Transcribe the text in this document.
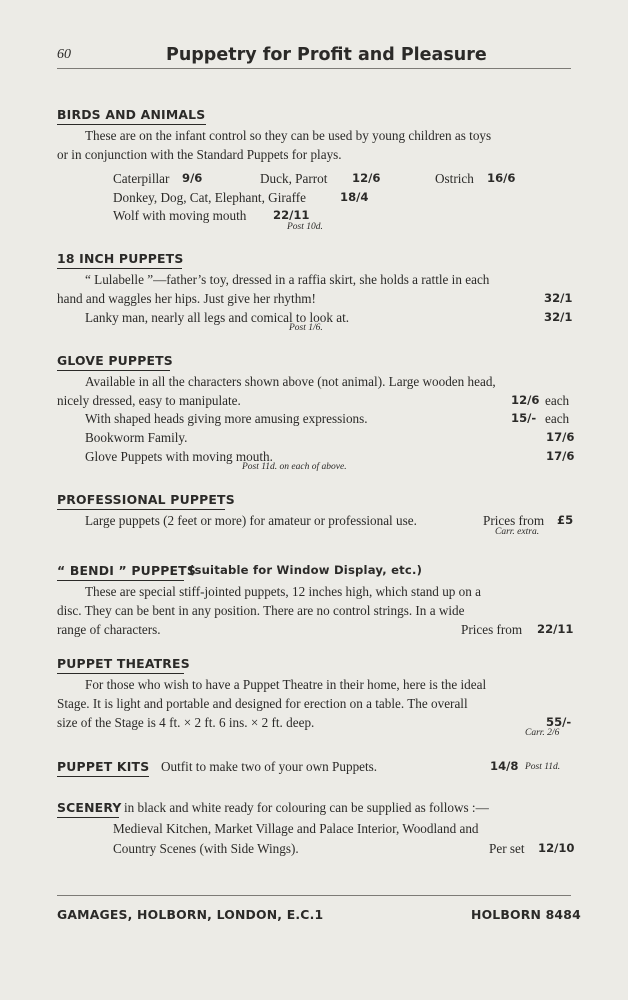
60	Puppetry for Profit and Pleasure
BIRDS AND ANIMALS
These are on the infant control so they can be used by young children as toys
or in conjunction with the Standard Puppets for plays.
Caterpillar 9/6	Duck, Parrot 12/6	Ostrich 16/6
Donkey, Dog, Cat, Elephant, Giraffe	18/4
Wolf with moving mouth 22/11
Post 10d.
18 INCH PUPPETS
“ Lulabelle ”—father’s toy, dressed in a raffia skirt, she holds a rattle in each
hand and waggles her hips. Just give her rhythm!	32/1
Lanky man, nearly all legs and comical to look at.	32/1
Post 1/6.
GLOVE PUPPETS
Available in all the characters shown above (not animal). Large wooden head,
nicely dressed, easy to manipulate.	12/6 each
With shaped heads giving more amusing expressions.	15/- each
Bookworm Family.	17/6
Glove Puppets with moving mouth.	17/6
Post 11d. on each of above.
PROFESSIONAL PUPPETS
Large puppets (2 feet or more) for amateur or professional use.	Prices from £5
Carr. extra.
“ BENDI ” PUPPETS
(suitable for Window Display, etc.)
These are special stiff-jointed puppets, 12 inches high, which stand up on a
disc. They can be bent in any position. There are no control strings. In a wide
range of characters.	Prices from 22/11
PUPPET THEATRES
For those who wish to have a Puppet Theatre in their home, here is the ideal
Stage. It is light and portable and designed for erection on a table. The overall
size of the Stage is 4 ft. × 2 ft. 6 ins. × 2 ft. deep.	55/-
Carr. 2/6
PUPPET KITS Outfit to make two of your own Puppets.	14/8 Post 11d.
SCENERY in black and white ready for colouring can be supplied as follows :—
Medieval Kitchen, Market Village and Palace Interior, Woodland and
Country Scenes (with Side Wings).	Per set 12/10
GAMAGES, HOLBORN, LONDON, E.C.1	HOLBORN 8484
